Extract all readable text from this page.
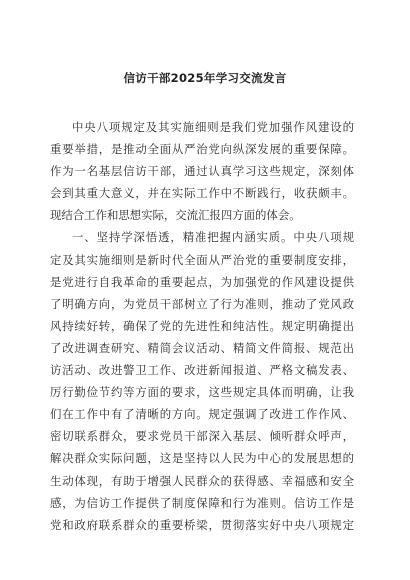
信访干部2025年学习交流发言
中央八项规定及其实施细则是我们党加强作风建设的
重要举措，是推动全面从严治党向纵深发展的重要保障。
作为一名基层信访干部，通过认真学习这些规定，深刻体
会到其重大意义，并在实际工作中不断践行，收获颇丰。
现结合工作和思想实际，交流汇报四方面的体会。
一、坚持学深悟透，精准把握内涵实质。中央八项规
定及其实施细则是新时代全面从严治党的重要制度安排，
是党进行自我革命的重要起点，为加强党的作风建设提供
了明确方向，为党员干部树立了行为准则，推动了党风政
风持续好转，确保了党的先进性和纯洁性。规定明确提出
了改进调查研究、精简会议活动、精简文件简报、规范出
访活动、改进警卫工作、改进新闻报道、严格文稿发表、
厉行勤俭节约等方面的要求，这些规定具体而明确，让我
们在工作中有了清晰的方向。规定强调了改进工作作风、
密切联系群众，要求党员干部深入基层、倾听群众呼声，
解决群众实际问题，这是坚持以人民为中心的发展思想的
生动体现，有助于增强人民群众的获得感、幸福感和安全
感，为信访工作提供了制度保障和行为准则。信访工作是
党和政府联系群众的重要桥梁，贯彻落实好中央八项规定
